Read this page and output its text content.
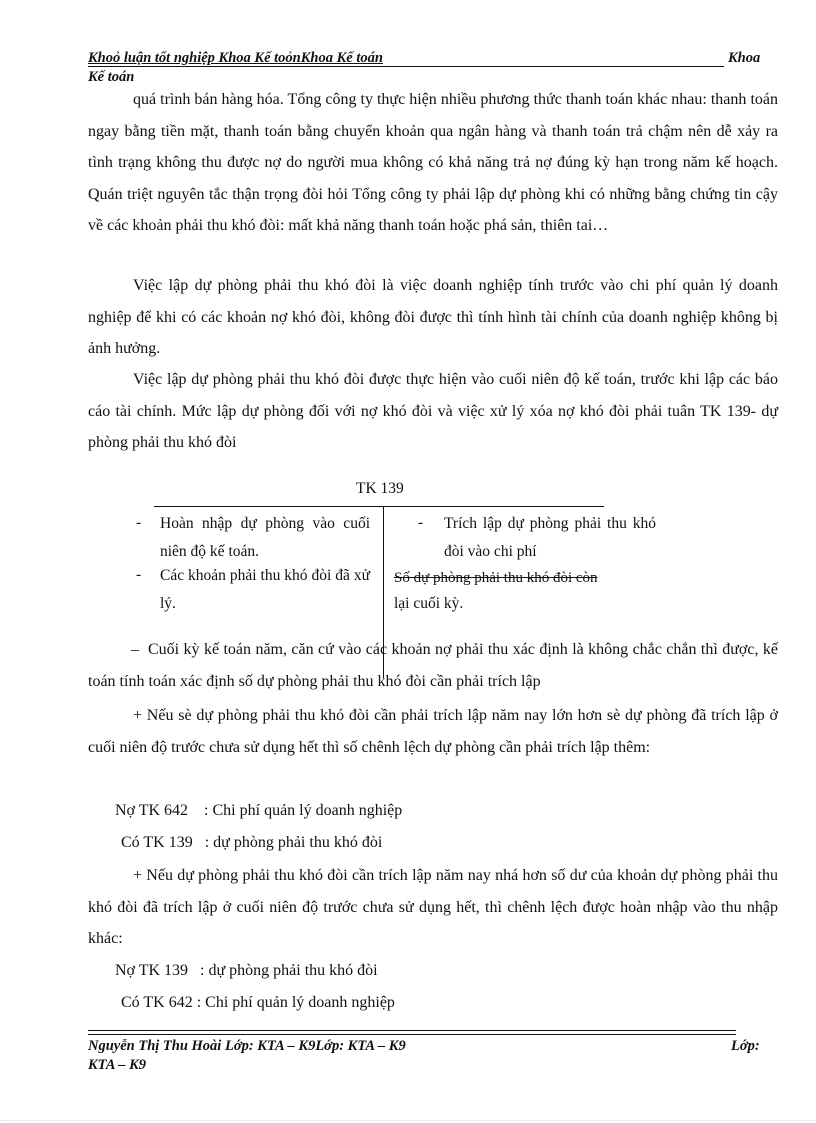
Khoỏ luận tốt nghiệp Khoa Kế toỏnKhoa Kế toán	Khoa
Kế toán
quá trình bán hàng hóa. Tổng công ty thực hiện nhiều phương thức thanh toán khác nhau: thanh toán ngay bằng tiền mặt, thanh toán bằng chuyển khoản qua ngân hàng và thanh toán trả chậm nên dễ xảy ra tình trạng không thu được nợ do người mua không có khả năng trả nợ đúng kỳ hạn trong năm kế hoạch. Quán triệt nguyên tắc thận trọng đòi hỏi Tổng công ty phải lập dự phòng khi có những bằng chứng tin cậy về các khoản phải thu khó đòi: mất khả năng thanh toán hoặc phá sản, thiên tai…
Việc lập dự phòng phải thu khó đòi là việc doanh nghiệp tính trước vào chi phí quản lý doanh nghiệp để khi có các khoản nợ khó đòi, không đòi được thì tính hình tài chính của doanh nghiệp không bị ảnh hưởng.
Việc lập dự phòng phải thu khó đòi được thực hiện vào cuối niên độ kế toán, trước khi lập các báo cáo tài chính. Mức lập dự phòng đối với nợ khó đòi và việc xử lý xóa nợ khó đòi phải tuân TK 139- dự phòng phải thu khó đòi
TK 139
- Hoàn nhập dự phòng vào cuối niên độ kế toán.
- Các khoản phải thu khó đòi đã xử lý.
- Trích lập dự phòng phải thu khó đòi vào chi phí
Số dự phòng phải thu khó đòi còn
lại cuối kỳ.
_ Cuối kỳ kế toán năm, căn cứ vào các khoản nợ phải thu xác định là không chắc chắn thì được, kế toán tính toán xác định số dự phòng phải thu khó đòi cần phải trích lập
+ Nếu sè dự phòng phải thu khó đòi cần phải trích lập năm nay lớn hơn sè dự phòng đã trích lập ở cuối niên độ trước chưa sử dụng hết thì số chênh lệch dự phòng cần phải trích lập thêm:
Nợ TK 642    : Chi phí quản lý doanh nghiệp
Có TK 139   : dự phòng phải thu khó đòi
+ Nếu dự phòng phải thu khó đòi cần trích lập năm nay nhá hơn số dư của khoản dự phòng phải thu khó đòi đã trích lập ở cuối niên độ trước chưa sử dụng hết, thì chênh lệch được hoàn nhập vào thu nhập khác:
Nợ TK 139   : dự phòng phải thu khó đòi
Có TK 642 : Chi phí quản lý doanh nghiệp
Nguyễn Thị Thu Hoài Lớp: KTA – K9Lớp: KTA – K9	Lớp:
KTA – K9
